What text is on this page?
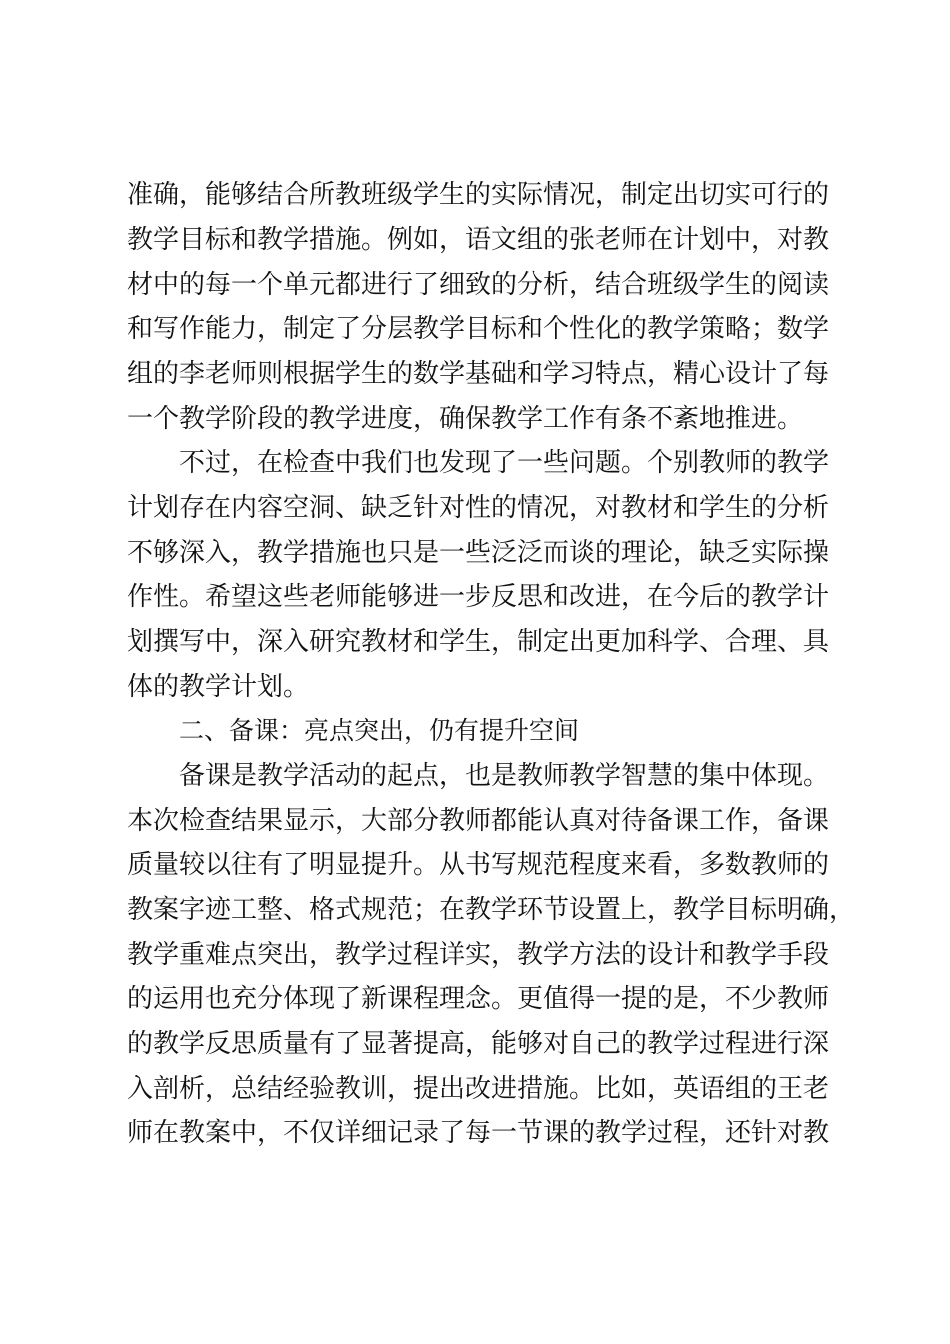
准确，能够结合所教班级学生的实际情况，制定出切实可行的
教学目标和教学措施。例如，语文组的张老师在计划中，对教
材中的每一个单元都进行了细致的分析，结合班级学生的阅读
和写作能力，制定了分层教学目标和个性化的教学策略；数学
组的李老师则根据学生的数学基础和学习特点，精心设计了每
一个教学阶段的教学进度，确保教学工作有条不紊地推进。
不过，在检查中我们也发现了一些问题。个别教师的教学
计划存在内容空洞、缺乏针对性的情况，对教材和学生的分析
不够深入，教学措施也只是一些泛泛而谈的理论，缺乏实际操
作性。希望这些老师能够进一步反思和改进，在今后的教学计
划撰写中，深入研究教材和学生，制定出更加科学、合理、具
体的教学计划。
二、备课：亮点突出，仍有提升空间
备课是教学活动的起点，也是教师教学智慧的集中体现。
本次检查结果显示，大部分教师都能认真对待备课工作，备课
质量较以往有了明显提升。从书写规范程度来看，多数教师的
教案字迹工整、格式规范；在教学环节设置上，教学目标明确，
教学重难点突出，教学过程详实，教学方法的设计和教学手段
的运用也充分体现了新课程理念。更值得一提的是，不少教师
的教学反思质量有了显著提高，能够对自己的教学过程进行深
入剖析，总结经验教训，提出改进措施。比如，英语组的王老
师在教案中，不仅详细记录了每一节课的教学过程，还针对教
